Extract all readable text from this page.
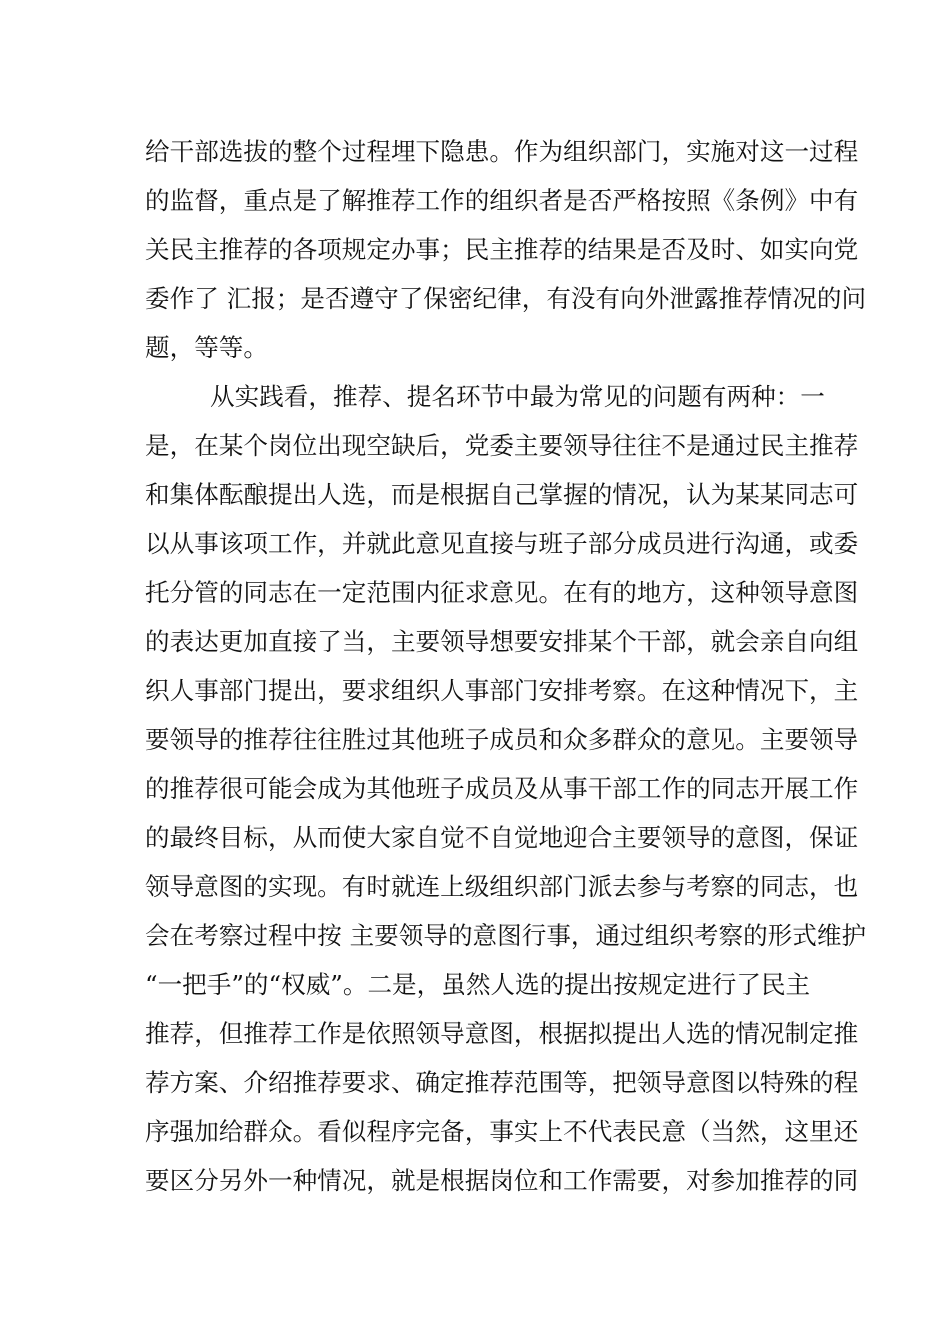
给干部选拔的整个过程埋下隐患。作为组织部门，实施对这一过程
的监督，重点是了解推荐工作的组织者是否严格按照《条例》中有
关民主推荐的各项规定办事；民主推荐的结果是否及时、如实向党
委作了 汇报；是否遵守了保密纪律，有没有向外泄露推荐情况的问
题，等等。
从实践看，推荐、提名环节中最为常见的问题有两种：一
是，在某个岗位出现空缺后，党委主要领导往往不是通过民主推荐
和集体酝酿提出人选，而是根据自己掌握的情况，认为某某同志可
以从事该项工作，并就此意见直接与班子部分成员进行沟通，或委
托分管的同志在一定范围内征求意见。在有的地方，这种领导意图
的表达更加直接了当，主要领导想要安排某个干部，就会亲自向组
织人事部门提出，要求组织人事部门安排考察。在这种情况下，主
要领导的推荐往往胜过其他班子成员和众多群众的意见。主要领导
的推荐很可能会成为其他班子成员及从事干部工作的同志开展工作
的最终目标，从而使大家自觉不自觉地迎合主要领导的意图，保证
领导意图的实现。有时就连上级组织部门派去参与考察的同志，也
会在考察过程中按 主要领导的意图行事，通过组织考察的形式维护
“一把手”的“权威”。二是，虽然人选的提出按规定进行了民主
推荐，但推荐工作是依照领导意图，根据拟提出人选的情况制定推
荐方案、介绍推荐要求、确定推荐范围等，把领导意图以特殊的程
序强加给群众。看似程序完备，事实上不代表民意（当然，这里还
要区分另外一种情况，就是根据岗位和工作需要，对参加推荐的同
